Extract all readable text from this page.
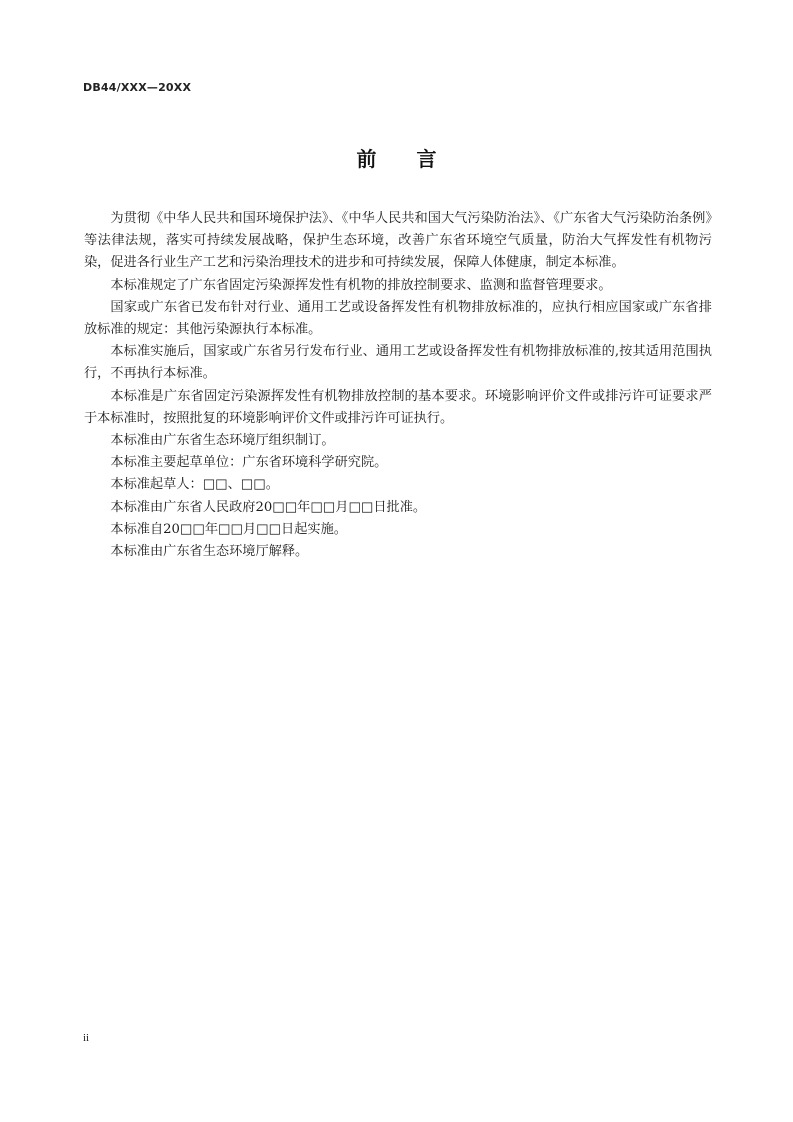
DB44/XXX—20XX
前 言

为贯彻《中华人民共和国环境保护法》、《中华人民共和国大气污染防治法》、《广东省大气污染防治条例》等法律法规，落实可持续发展战略，保护生态环境，改善广东省环境空气质量，防治大气挥发性有机物污染，促进各行业生产工艺和污染治理技术的进步和可持续发展，保障人体健康，制定本标准。

本标准规定了广东省固定污染源挥发性有机物的排放控制要求、监测和监督管理要求。

国家或广东省已发布针对行业、通用工艺或设备挥发性有机物排放标准的，应执行相应国家或广东省排放标准的规定：其他污染源执行本标准。

本标准实施后，国家或广东省另行发布行业、通用工艺或设备挥发性有机物排放标准的,按其适用范围执行，不再执行本标准。

本标准是广东省固定污染源挥发性有机物排放控制的基本要求。环境影响评价文件或排污许可证要求严于本标准时，按照批复的环境影响评价文件或排污许可证执行。

本标准由广东省生态环境厅组织制订。

本标准主要起草单位：广东省环境科学研究院。

本标准起草人：□□、□□。

本标准由广东省人民政府20□□年□□月□□日批准。

本标准自20□□年□□月□□日起实施。

本标准由广东省生态环境厅解释。

ii
